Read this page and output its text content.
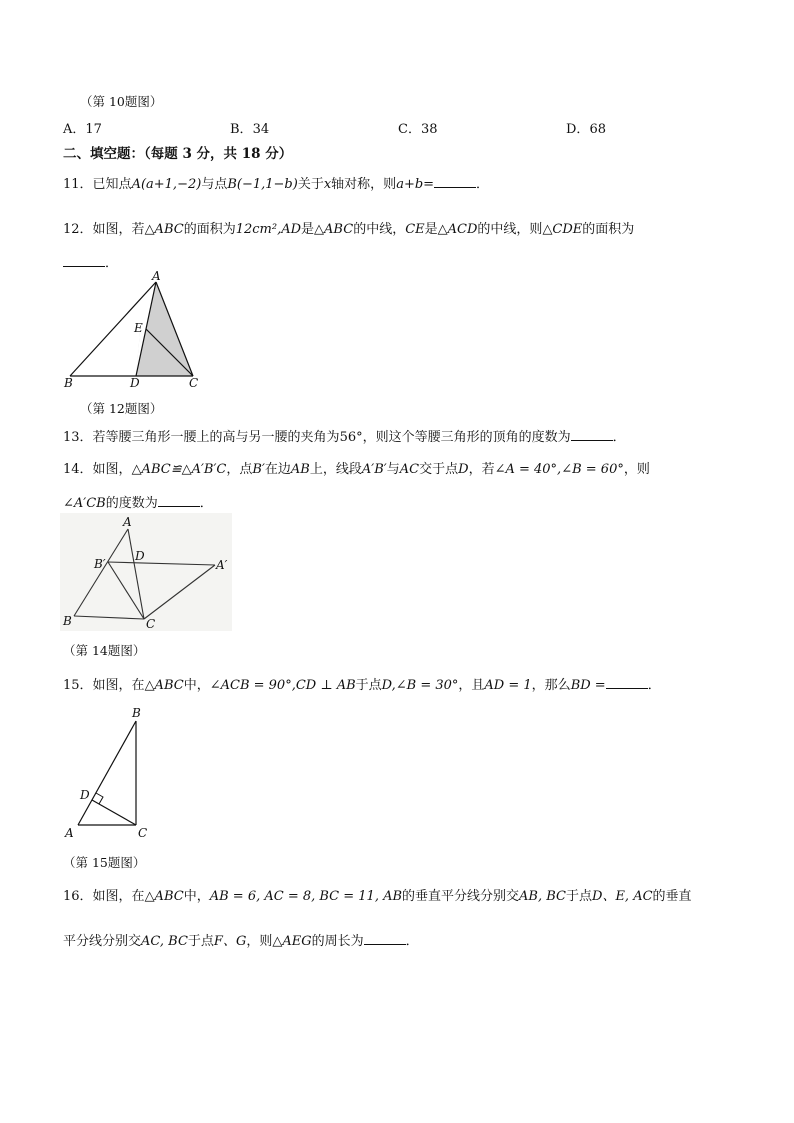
（第 10题图）
A．17	B．34	C．38	D．68
二、填空题：（每题 3 分，共 18 分）
11．已知点A(a+1,−2)与点B(−1,1−b)关于x轴对称，则a+b=	．
12．如图，若△ABC的面积为12cm²,AD是△ABC的中线，CE是△ACD的中线，则△CDE的面积为
．
A
B	D	C
E
（第 12题图）
13．若等腰三角形一腰上的高与另一腰的夹角为56°，则这个等腰三角形的顶角的度数为	．
14．如图，△ABC≌△A′B′C，点B′在边AB上，线段A′B′与AC交于点D，若∠A = 40°,∠B = 60°，则
∠A′CB的度数为	．
A
B′
D
A′
B	C
（第 14题图）
15．如图，在△ABC中，∠ACB = 90°,CD ⊥ AB于点D,∠B = 30°，且AD = 1，那么BD =	．
B
D
A	C
（第 15题图）
16．如图，在△ABC中，AB = 6, AC = 8, BC = 11, AB的垂直平分线分别交AB, BC于点D、E, AC的垂直
平分线分别交AC, BC于点F、G，则△AEG的周长为	．
